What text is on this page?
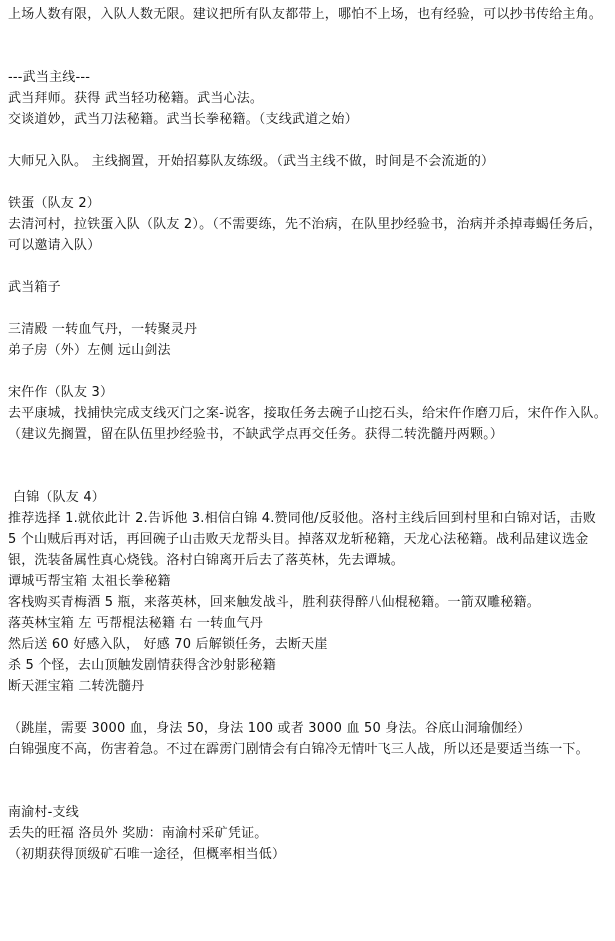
上场人数有限，入队人数无限。建议把所有队友都带上，哪怕不上场，也有经验，可以抄书传给主角。

---武当主线---

武当拜师。获得 武当轻功秘籍。武当心法。

交谈道妙，武当刀法秘籍。武当长拳秘籍。（支线武道之始）

大师兄入队。 主线搁置，开始招募队友练级。（武当主线不做，时间是不会流逝的）

铁蛋（队友 2）

去清河村，拉铁蛋入队（队友 2）。（不需要练，先不治病，在队里抄经验书，治病并杀掉毒蝎任务后，可以邀请入队）

武当箱子

三清殿 一转血气丹，一转聚灵丹

弟子房（外）左侧 远山剑法

宋仵作（队友 3）

去平康城，找捕快完成支线灭门之案-说客，接取任务去碗子山挖石头，给宋仵作磨刀后，宋仵作入队。（建议先搁置，留在队伍里抄经验书，不缺武学点再交任务。获得二转洗髓丹两颗。）

白锦（队友 4）

推荐选择 1.就依此计 2.告诉他 3.相信白锦 4.赞同他/反驳他。洛村主线后回到村里和白锦对话，击败 5 个山贼后再对话，再回碗子山击败天龙帮头目。掉落双龙斩秘籍，天龙心法秘籍。战利品建议选金银，洗装备属性真心烧钱。洛村白锦离开后去了落英林，先去谭城。

谭城丐帮宝箱 太祖长拳秘籍

客栈购买青梅酒 5 瓶，来落英林，回来触发战斗，胜利获得醉八仙棍秘籍。一箭双雕秘籍。

落英林宝箱 左 丐帮棍法秘籍 右 一转血气丹

然后送 60 好感入队， 好感 70 后解锁任务，去断天崖

杀 5 个怪，去山顶触发剧情获得含沙射影秘籍

断天涯宝箱 二转洗髓丹

（跳崖，需要 3000 血，身法 50，身法 100 或者 3000 血 50 身法。谷底山洞瑜伽经）

白锦强度不高，伤害着急。不过在霹雳门剧情会有白锦冷无情叶飞三人战，所以还是要适当练一下。

南渝村-支线

丢失的旺福 洛员外 奖励：南渝村采矿凭证。

（初期获得顶级矿石唯一途径，但概率相当低）
